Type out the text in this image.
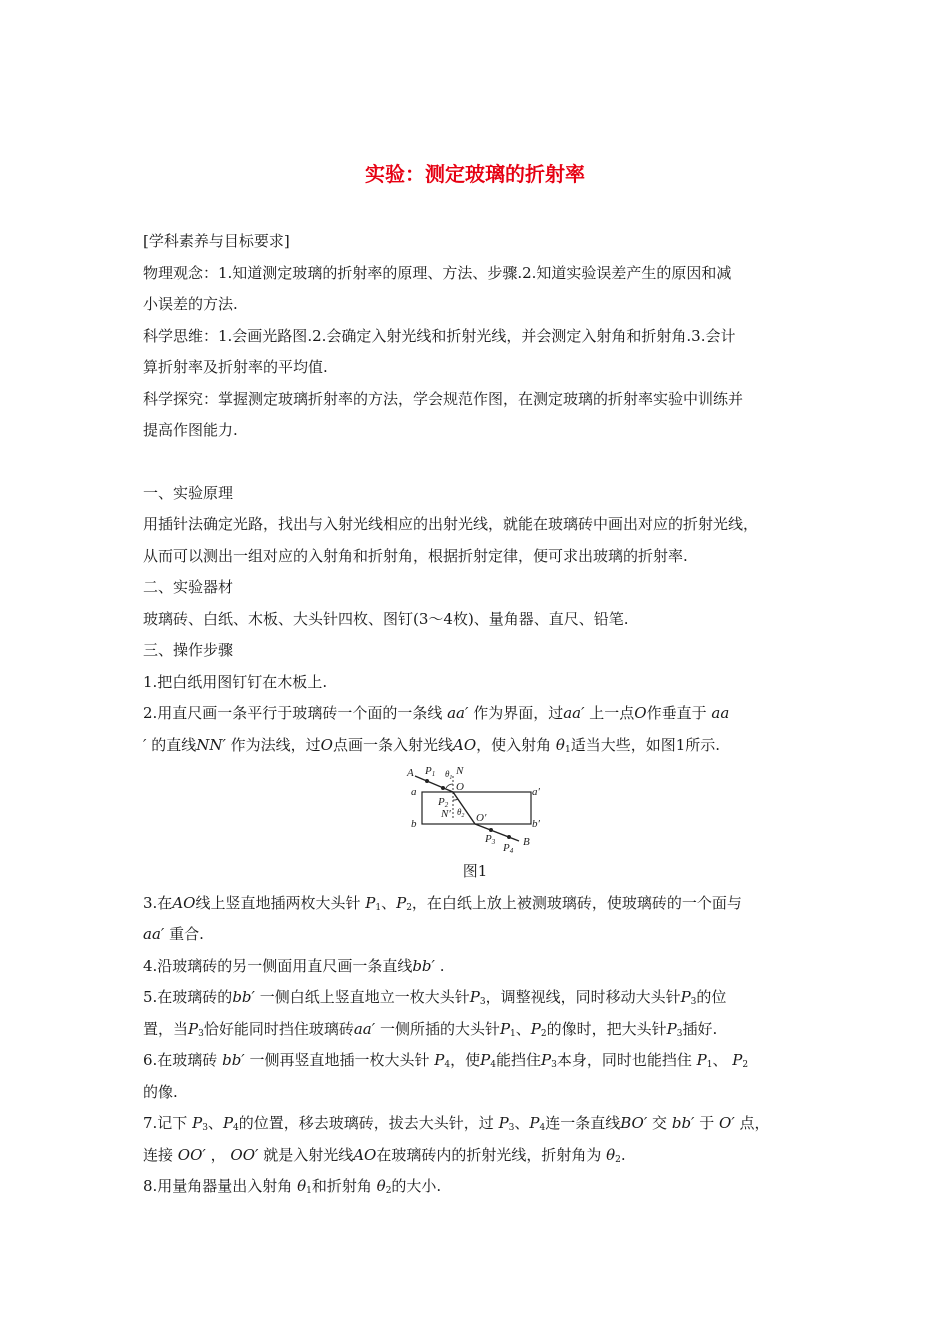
实验：测定玻璃的折射率
[学科素养与目标要求]
物理观念：1.知道测定玻璃的折射率的原理、方法、步骤.2.知道实验误差产生的原因和减
小误差的方法.
科学思维：1.会画光路图.2.会确定入射光线和折射光线，并会测定入射角和折射角.3.会计
算折射率及折射率的平均值.
科学探究：掌握测定玻璃折射率的方法，学会规范作图，在测定玻璃的折射率实验中训练并
提高作图能力.
一、实验原理
用插针法确定光路，找出与入射光线相应的出射光线，就能在玻璃砖中画出对应的折射光线，
从而可以测出一组对应的入射角和折射角，根据折射定律，便可求出玻璃的折射率.
二、实验器材
玻璃砖、白纸、木板、大头针四枚、图钉(3～4枚)、量角器、直尺、铅笔.
三、操作步骤
1.把白纸用图钉钉在木板上.
2.用直尺画一条平行于玻璃砖一个面的一条线 aa′ 作为界面，过aa′ 上一点O作垂直于 aa
′ 的直线NN′ 作为法线，过O点画一条入射光线AO，使入射角 $\theta_1$适当大些，如图1所示.
A P1 $\theta_1$
N
O
a	a′
P2
N′ $\theta_2$ O′
b	b′
P3 P4
B
图1
3.在AO线上竖直地插两枚大头针 $P_1$、$P_2$，在白纸上放上被测玻璃砖，使玻璃砖的一个面与
aa′ 重合.
4.沿玻璃砖的另一侧面用直尺画一条直线bb′ .
5.在玻璃砖的bb′ 一侧白纸上竖直地立一枚大头针$P_3$，调整视线，同时移动大头针$P_3$的位
置，当$P_3$恰好能同时挡住玻璃砖aa′ 一侧所插的大头针$P_1$、$P_2$的像时，把大头针$P_3$插好.
6.在玻璃砖 bb′ 一侧再竖直地插一枚大头针 $P_4$，使$P_4$能挡住$P_3$本身，同时也能挡住 $P_1$、 $P_2$
的像.
7.记下 $P_3$、$P_4$的位置，移去玻璃砖，拔去大头针，过 $P_3$、$P_4$连一条直线BO′ 交 bb′ 于 O′ 点，
连接 OO′ ， OO′ 就是入射光线AO在玻璃砖内的折射光线，折射角为 $\theta_2$.
8.用量角器量出入射角 $\theta_1$和折射角 $\theta_2$的大小.
